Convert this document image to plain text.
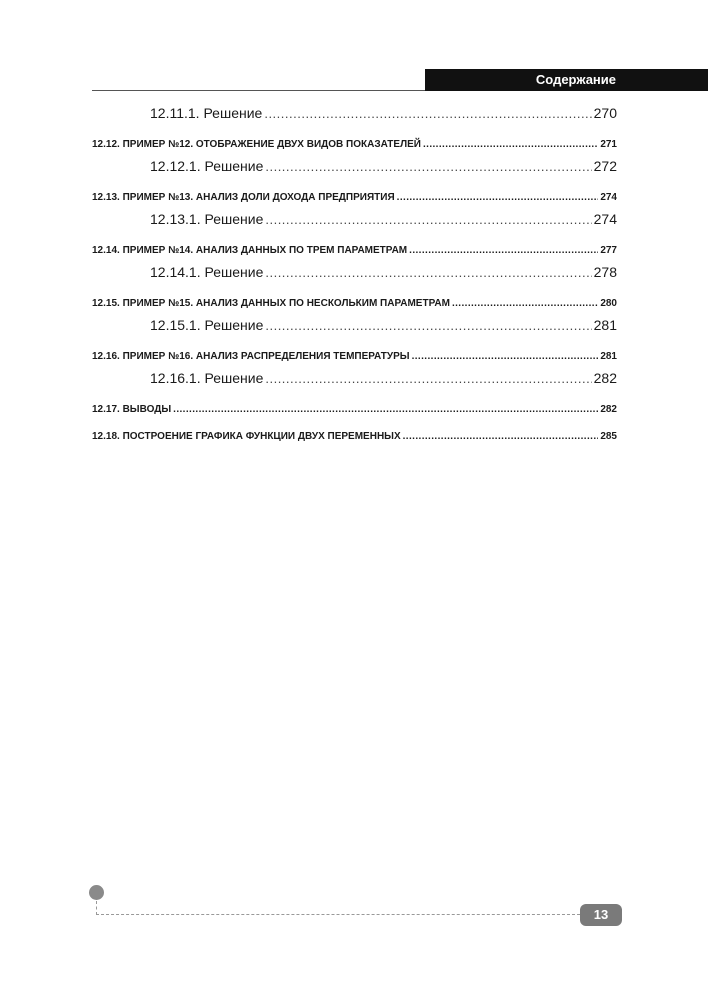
Содержание
12.11.1. Решение .....	270
12.12. ПРИМЕР №12. ОТОБРАЖЕНИЕ ДВУХ ВИДОВ ПОКАЗАТЕЛЕЙ .....	271
12.12.1. Решение .....	272
12.13. ПРИМЕР №13. АНАЛИЗ ДОЛИ ДОХОДА ПРЕДПРИЯТИЯ .....	274
12.13.1. Решение .....	274
12.14. ПРИМЕР №14. АНАЛИЗ ДАННЫХ ПО ТРЕМ ПАРАМЕТРАМ .....	277
12.14.1. Решение .....	278
12.15. ПРИМЕР №15. АНАЛИЗ ДАННЫХ ПО НЕСКОЛЬКИМ ПАРАМЕТРАМ .....	280
12.15.1. Решение .....	281
12.16. ПРИМЕР №16. АНАЛИЗ РАСПРЕДЕЛЕНИЯ ТЕМПЕРАТУРЫ .....	281
12.16.1. Решение .....	282
12.17. ВЫВОДЫ .....	282
12.18. ПОСТРОЕНИЕ ГРАФИКА ФУНКЦИИ ДВУХ ПЕРЕМЕННЫХ .....	285
13
